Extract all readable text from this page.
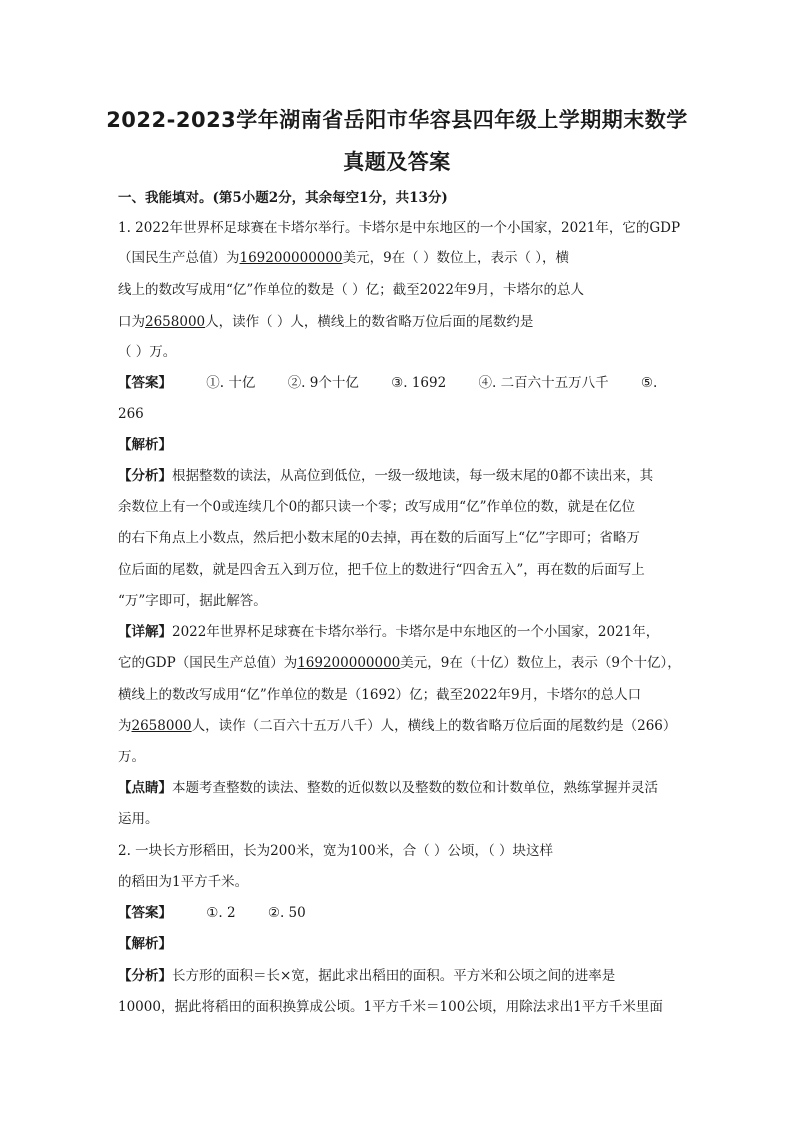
2022-2023学年湖南省岳阳市华容县四年级上学期期末数学
真题及答案
一、我能填对。(第5小题2分，其余每空1分，共13分)
1. 2022年世界杯足球赛在卡塔尔举行。卡塔尔是中东地区的一个小国家，2021年，它的GDP
（国民生产总值）为169200000000美元，9在（ ）数位上，表示（ ），横
线上的数改写成用“亿”作单位的数是（ ）亿；截至2022年9月，卡塔尔的总人
口为2658000人，读作（ ）人，横线上的数省略万位后面的尾数约是
（ ）万。
【答案】	①. 十亿 ②. 9个十亿 ③. 1692 ④. 二百六十五万八千 ⑤.
266
【解析】
【分析】根据整数的读法，从高位到低位，一级一级地读，每一级末尾的0都不读出来，其
余数位上有一个0或连续几个0的都只读一个零；改写成用“亿”作单位的数，就是在亿位
的右下角点上小数点，然后把小数末尾的0去掉，再在数的后面写上“亿”字即可；省略万
位后面的尾数，就是四舍五入到万位，把千位上的数进行“四舍五入”，再在数的后面写上
“万”字即可，据此解答。
【详解】2022年世界杯足球赛在卡塔尔举行。卡塔尔是中东地区的一个小国家，2021年，
它的GDP（国民生产总值）为169200000000美元，9在（十亿）数位上，表示（9个十亿），
横线上的数改写成用“亿”作单位的数是（1692）亿；截至2022年9月，卡塔尔的总人口
为2658000人，读作（二百六十五万八千）人，横线上的数省略万位后面的尾数约是（266）
万。
【点睛】本题考查整数的读法、整数的近似数以及整数的数位和计数单位，熟练掌握并灵活
运用。
2. 一块长方形稻田，长为200米，宽为100米，合（ ）公顷，（ ）块这样
的稻田为1平方千米。
【答案】	①. 2 ②. 50
【解析】
【分析】长方形的面积＝长×宽，据此求出稻田的面积。平方米和公顷之间的进率是
10000，据此将稻田的面积换算成公顷。1平方千米＝100公顷，用除法求出1平方千米里面
